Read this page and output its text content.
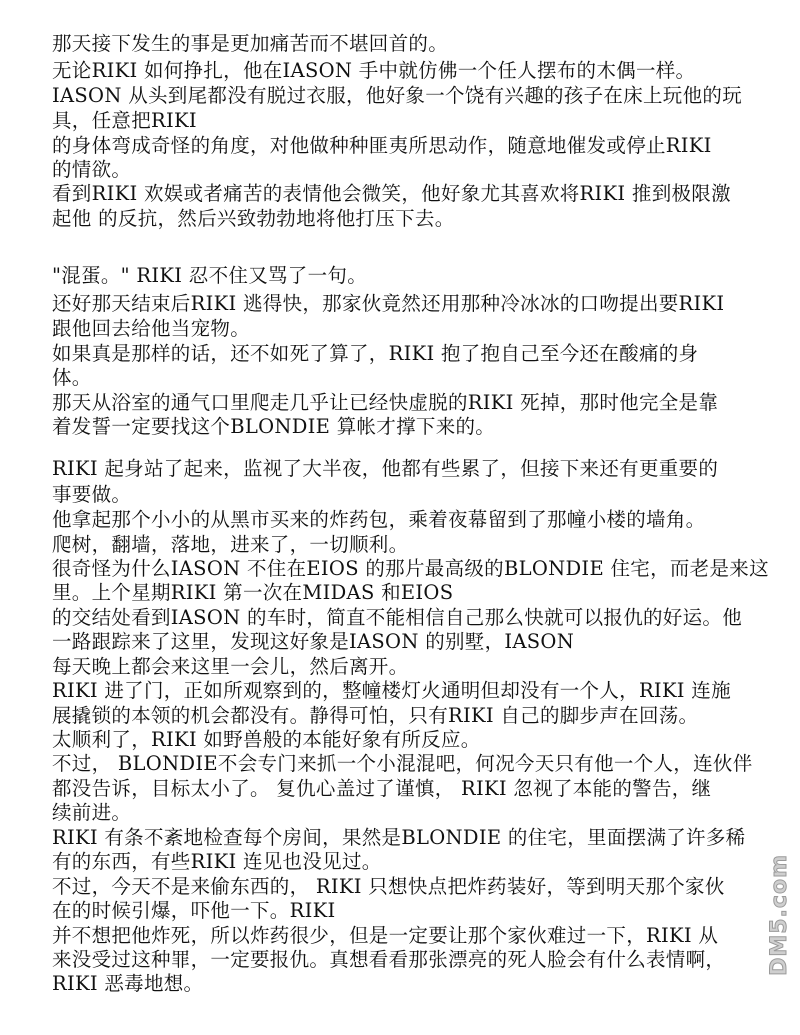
那天接下发生的事是更加痛苦而不堪回首的。
无论RIKI 如何挣扎，他在IASON 手中就仿佛一个任人摆布的木偶一样。
IASON 从头到尾都没有脱过衣服，他好象一个饶有兴趣的孩子在床上玩他的玩
具，任意把RIKI
的身体弯成奇怪的角度，对他做种种匪夷所思动作，随意地催发或停止RIKI
的情欲。
看到RIKI 欢娱或者痛苦的表情他会微笑，他好象尤其喜欢将RIKI 推到极限激
起他 的反抗，然后兴致勃勃地将他打压下去。
"混蛋。" RIKI 忍不住又骂了一句。
还好那天结束后RIKI 逃得快，那家伙竟然还用那种冷冰冰的口吻提出要RIKI
跟他回去给他当宠物。
如果真是那样的话，还不如死了算了，RIKI 抱了抱自己至今还在酸痛的身
体。
那天从浴室的通气口里爬走几乎让已经快虚脱的RIKI 死掉，那时他完全是靠
着发誓一定要找这个BLONDIE 算帐才撑下来的。
RIKI 起身站了起来，监视了大半夜，他都有些累了，但接下来还有更重要的
事要做。
他拿起那个小小的从黑市买来的炸药包，乘着夜幕留到了那幢小楼的墙角。
爬树，翻墙，落地，进来了，一切顺利。
很奇怪为什么IASON 不住在EIOS 的那片最高级的BLONDIE 住宅，而老是来这
里。上个星期RIKI 第一次在MIDAS 和EIOS
的交结处看到IASON 的车时，简直不能相信自己那么快就可以报仇的好运。他
一路跟踪来了这里，发现这好象是IASON 的别墅，IASON
每天晚上都会来这里一会儿，然后离开。
RIKI 进了门，正如所观察到的，整幢楼灯火通明但却没有一个人，RIKI 连施
展撬锁的本领的机会都没有。静得可怕，只有RIKI 自己的脚步声在回荡。
太顺利了，RIKI 如野兽般的本能好象有所反应。
不过， BLONDIE不会专门来抓一个小混混吧，何况今天只有他一个人，连伙伴
都没告诉，目标太小了。 复仇心盖过了谨慎， RIKI 忽视了本能的警告，继
续前进。
RIKI 有条不紊地检查每个房间，果然是BLONDIE 的住宅，里面摆满了许多稀
有的东西，有些RIKI 连见也没见过。
不过，今天不是来偷东西的， RIKI 只想快点把炸药装好，等到明天那个家伙
在的时候引爆，吓他一下。RIKI
并不想把他炸死，所以炸药很少，但是一定要让那个家伙难过一下，RIKI 从
来没受过这种罪，一定要报仇。真想看看那张漂亮的死人脸会有什么表情啊，
RIKI 恶毒地想。
DM5.com
